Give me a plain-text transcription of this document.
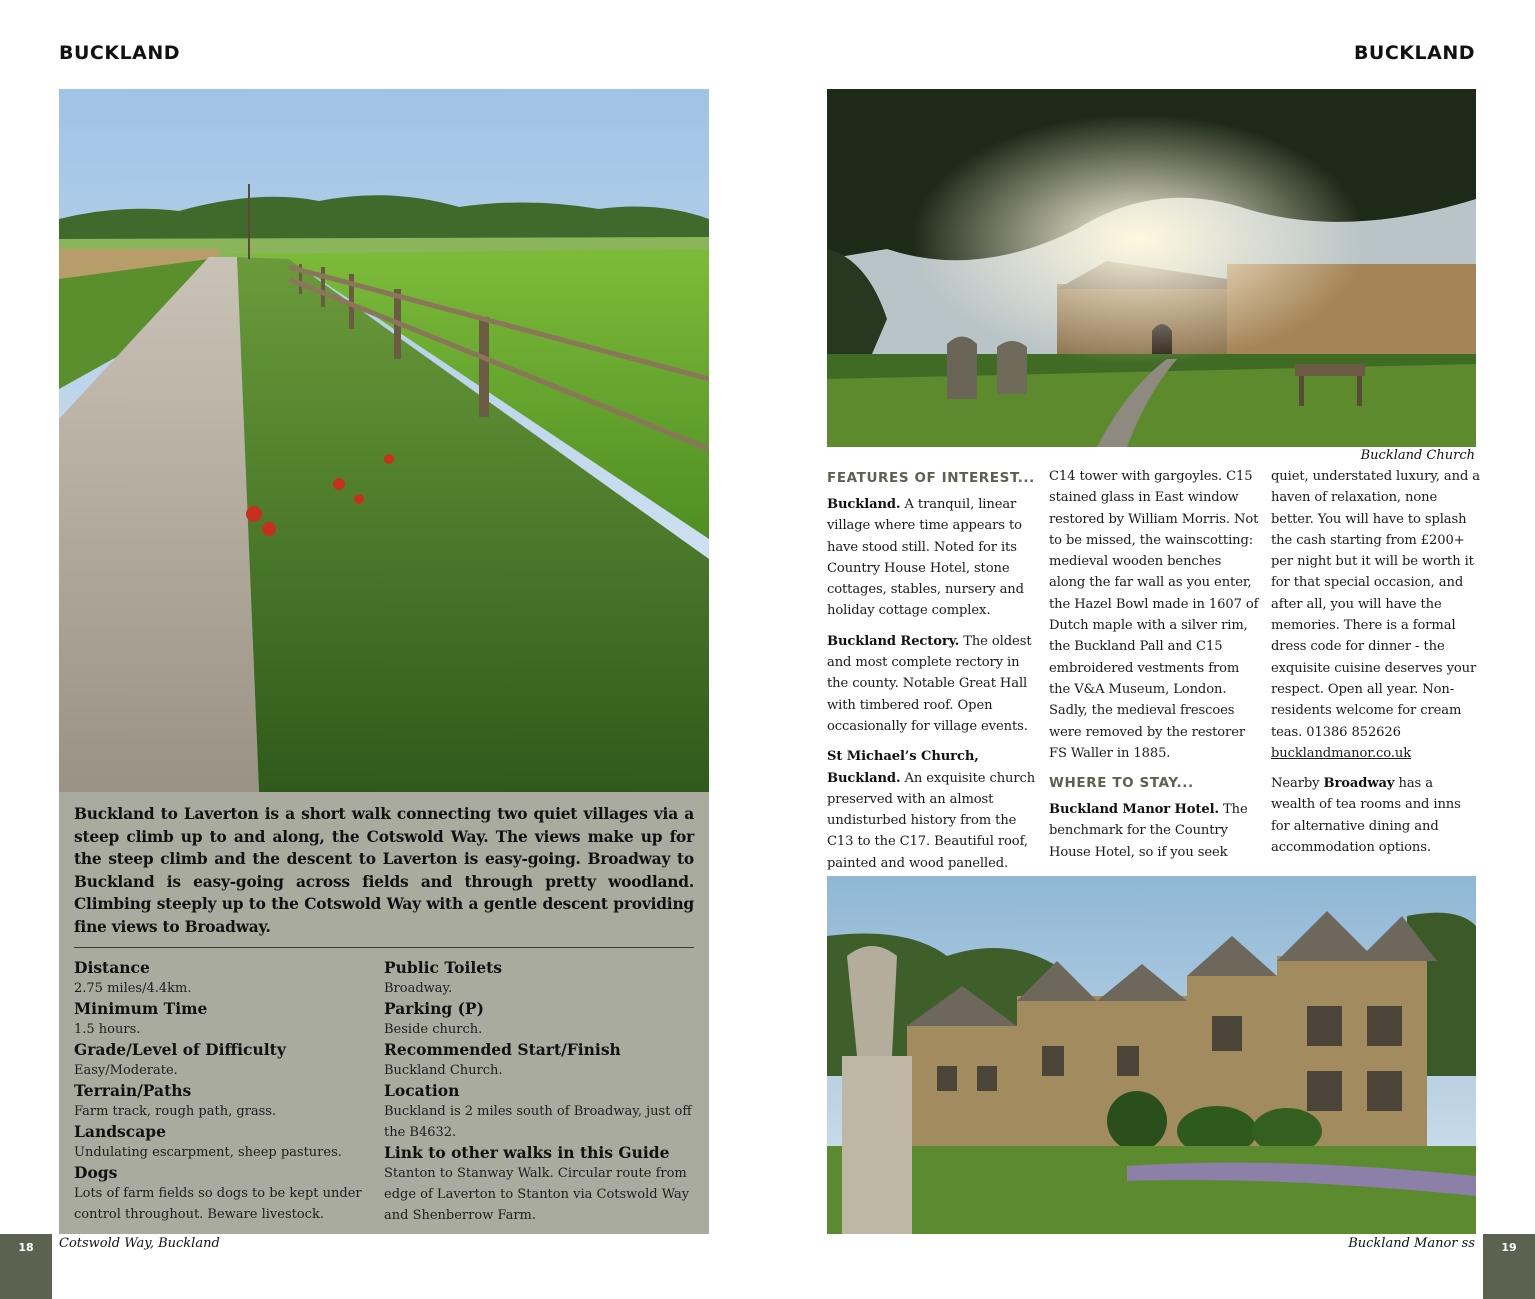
BUCKLAND	BUCKLAND

Buckland to Laverton is a short walk connecting two quiet villages via a steep climb up to and along, the Cotswold Way. The views make up for the steep climb and the descent to Laverton is easy-going. Broadway to Buckland is easy-going across fields and through pretty woodland. Climbing steeply up to the Cotswold Way with a gentle descent providing fine views to Broadway.

Distance
2.75 miles/4.4km.
Minimum Time
1.5 hours.
Grade/Level of Difficulty
Easy/Moderate.
Terrain/Paths
Farm track, rough path, grass.
Landscape
Undulating escarpment, sheep pastures.
Dogs
Lots of farm fields so dogs to be kept under control throughout. Beware livestock.
Public Toilets
Broadway.
Parking (P)
Beside church.
Recommended Start/Finish
Buckland Church.
Location
Buckland is 2 miles south of Broadway, just off the B4632.
Link to other walks in this Guide
Stanton to Stanway Walk. Circular route from edge of Laverton to Stanton via Cotswold Way and Shenberrow Farm.
18	Cotswold Way, Buckland
Buckland Church
FEATURES OF INTEREST...

Buckland. A tranquil, linear village where time appears to have stood still. Noted for its Country House Hotel, stone cottages, stables, nursery and holiday cottage complex.

Buckland Rectory. The oldest and most complete rectory in the county. Notable Great Hall with timbered roof. Open occasionally for village events.

St Michael’s Church, Buckland. An exquisite church preserved with an almost undisturbed history from the C13 to the C17. Beautiful roof, painted and wood panelled.

C14 tower with gargoyles. C15 stained glass in East window restored by William Morris. Not to be missed, the wainscotting: medieval wooden benches along the far wall as you enter, the Hazel Bowl made in 1607 of Dutch maple with a silver rim, the Buckland Pall and C15 embroidered vestments from the V&A Museum, London. Sadly, the medieval frescoes were removed by the restorer FS Waller in 1885.

WHERE TO STAY...

Buckland Manor Hotel. The benchmark for the Country House Hotel, so if you seek

quiet, understated luxury, and a haven of relaxation, none better. You will have to splash the cash starting from £200+ per night but it will be worth it for that special occasion, and after all, you will have the memories. There is a formal dress code for dinner - the exquisite cuisine deserves your respect. Open all year. Non-residents welcome for cream teas. 01386 852626
bucklandmanor.co.uk

Nearby Broadway has a wealth of tea rooms and inns for alternative dining and accommodation options.

Buckland Manor ss	19
